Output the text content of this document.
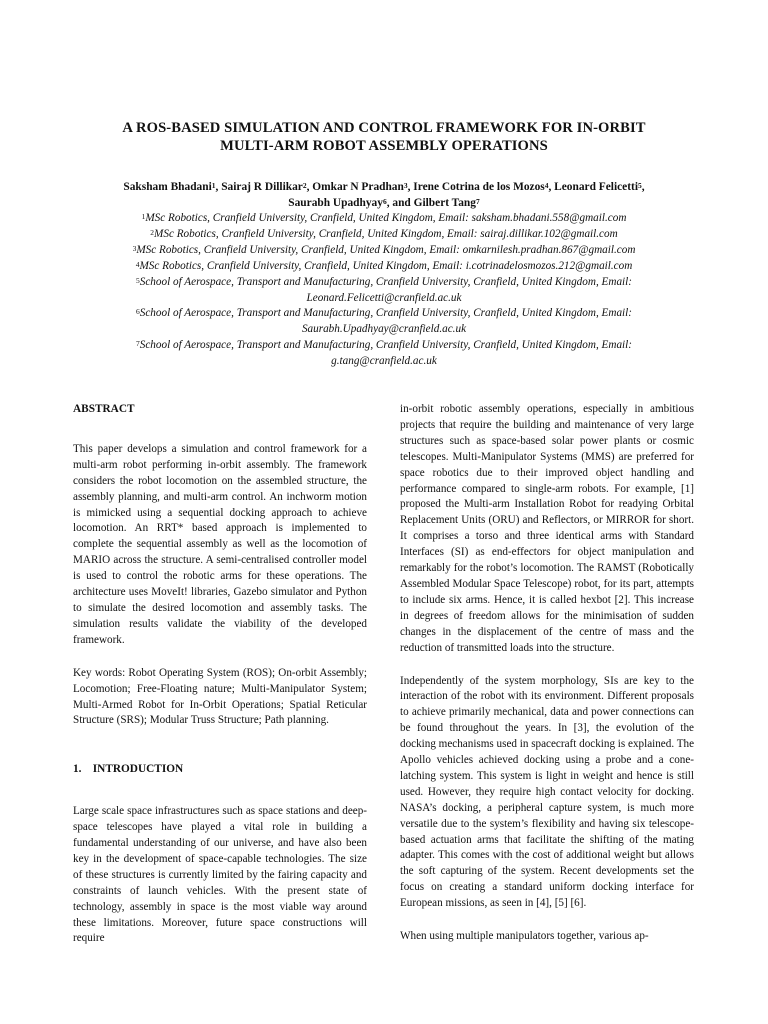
A ROS-BASED SIMULATION AND CONTROL FRAMEWORK FOR IN-ORBIT
MULTI-ARM ROBOT ASSEMBLY OPERATIONS
Saksham Bhadani$^1$, Sairaj R Dillikar$^2$, Omkar N Pradhan$^3$, Irene Cotrina de los Mozos$^4$, Leonard Felicetti$^5$,
Saurabh Upadhyay$^6$, and Gilbert Tang$^7$
$^1$MSc Robotics, Cranfield University, Cranfield, United Kingdom, Email: saksham.bhadani.558@gmail.com
$^2$MSc Robotics, Cranfield University, Cranfield, United Kingdom, Email: sairaj.dillikar.102@gmail.com
$^3$MSc Robotics, Cranfield University, Cranfield, United Kingdom, Email: omkarnilesh.pradhan.867@gmail.com
$^4$MSc Robotics, Cranfield University, Cranfield, United Kingdom, Email: i.cotrinadelosmozos.212@gmail.com
$^5$School of Aerospace, Transport and Manufacturing, Cranfield University, Cranfield, United Kingdom, Email:
Leonard.Felicetti@cranfield.ac.uk
$^6$School of Aerospace, Transport and Manufacturing, Cranfield University, Cranfield, United Kingdom, Email:
Saurabh.Upadhyay@cranfield.ac.uk
$^7$School of Aerospace, Transport and Manufacturing, Cranfield University, Cranfield, United Kingdom, Email:
g.tang@cranfield.ac.uk

ABSTRACT

This paper develops a simulation and control framework for a multi-arm robot performing in-orbit assembly. The framework considers the robot locomotion on the assembled structure, the assembly planning, and multi-arm control. An inchworm motion is mimicked using a sequential docking approach to achieve locomotion. An RRT* based approach is implemented to complete the sequential assembly as well as the locomotion of MARIO across the structure. A semi-centralised controller model is used to control the robotic arms for these operations. The architecture uses MoveIt! libraries, Gazebo simulator and Python to simulate the desired locomotion and assembly tasks. The simulation results validate the viability of the developed framework.

Key words: Robot Operating System (ROS); On-orbit Assembly; Locomotion; Free-Floating nature; Multi-Manipulator System; Multi-Armed Robot for In-Orbit Operations; Spatial Reticular Structure (SRS); Modular Truss Structure; Path planning.

1.    INTRODUCTION

Large scale space infrastructures such as space stations and deep-space telescopes have played a vital role in building a fundamental understanding of our universe, and have also been key in the development of space-capable technologies. The size of these structures is currently limited by the fairing capacity and constraints of launch vehicles. With the present state of technology, assembly in space is the most viable way around these limitations. Moreover, future space constructions will require

in-orbit robotic assembly operations, especially in ambitious projects that require the building and maintenance of very large structures such as space-based solar power plants or cosmic telescopes. Multi-Manipulator Systems (MMS) are preferred for space robotics due to their improved object handling and performance compared to single-arm robots. For example, [1] proposed the Multi-arm Installation Robot for readying Orbital Replacement Units (ORU) and Reflectors, or MIRROR for short. It comprises a torso and three identical arms with Standard Interfaces (SI) as end-effectors for object manipulation and remarkably for the robot’s locomotion. The RAMST (Robotically Assembled Modular Space Telescope) robot, for its part, attempts to include six arms. Hence, it is called hexbot [2]. This increase in degrees of freedom allows for the minimisation of sudden changes in the displacement of the centre of mass and the reduction of transmitted loads into the structure.

Independently of the system morphology, SIs are key to the interaction of the robot with its environment. Different proposals to achieve primarily mechanical, data and power connections can be found throughout the years. In [3], the evolution of the docking mechanisms used in spacecraft docking is explained. The Apollo vehicles achieved docking using a probe and a cone-latching system. This system is light in weight and hence is still used. However, they require high contact velocity for docking. NASA’s docking, a peripheral capture system, is much more versatile due to the system’s flexibility and having six telescope-based actuation arms that facilitate the shifting of the mating adapter. This comes with the cost of additional weight but allows the soft capturing of the system. Recent developments set the focus on creating a standard uniform docking interface for European missions, as seen in [4], [5] [6].

When using multiple manipulators together, various ap-
